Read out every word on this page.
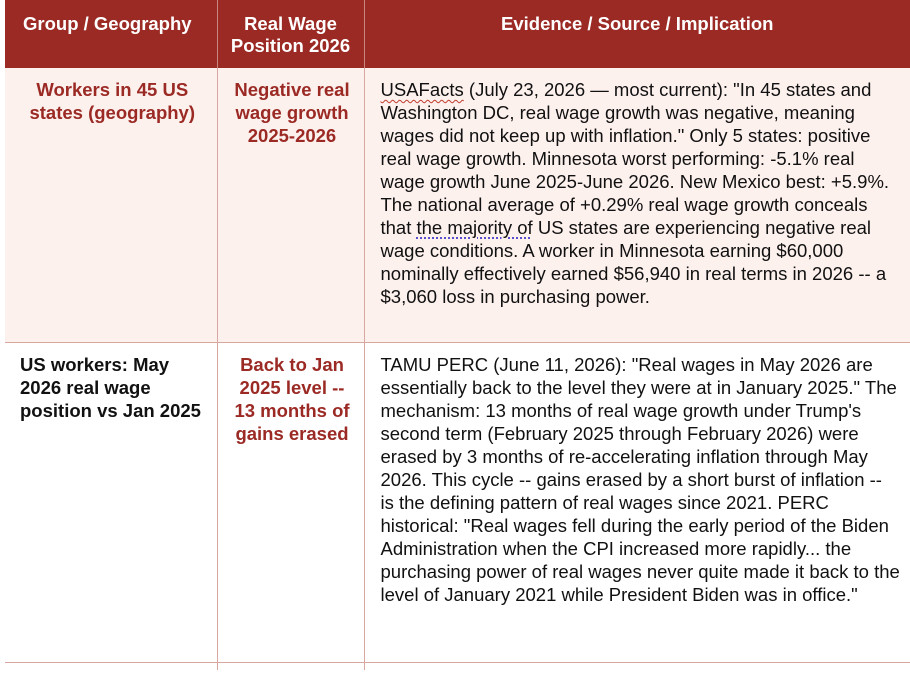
Group / Geography	Real Wage Position 2026	Evidence / Source / Implication
Workers in 45 US states (geography)	Negative real wage growth 2025-2026	USAFacts (July 23, 2026 — most current): "In 45 states and Washington DC, real wage growth was negative, meaning wages did not keep up with inflation." Only 5 states: positive real wage growth. Minnesota worst performing: -5.1% real wage growth June 2025-June 2026. New Mexico best: +5.9%. The national average of +0.29% real wage growth conceals that the majority of US states are experiencing negative real wage conditions. A worker in Minnesota earning $60,000 nominally effectively earned $56,940 in real terms in 2026 -- a $3,060 loss in purchasing power.
US workers: May 2026 real wage position vs Jan 2025	Back to Jan 2025 level -- 13 months of gains erased	TAMU PERC (June 11, 2026): "Real wages in May 2026 are essentially back to the level they were at in January 2025." The mechanism: 13 months of real wage growth under Trump's second term (February 2025 through February 2026) were erased by 3 months of re-accelerating inflation through May 2026. This cycle -- gains erased by a short burst of inflation -- is the defining pattern of real wages since 2021. PERC historical: "Real wages fell during the early period of the Biden Administration when the CPI increased more rapidly... the purchasing power of real wages never quite made it back to the level of January 2021 while President Biden was in office."
